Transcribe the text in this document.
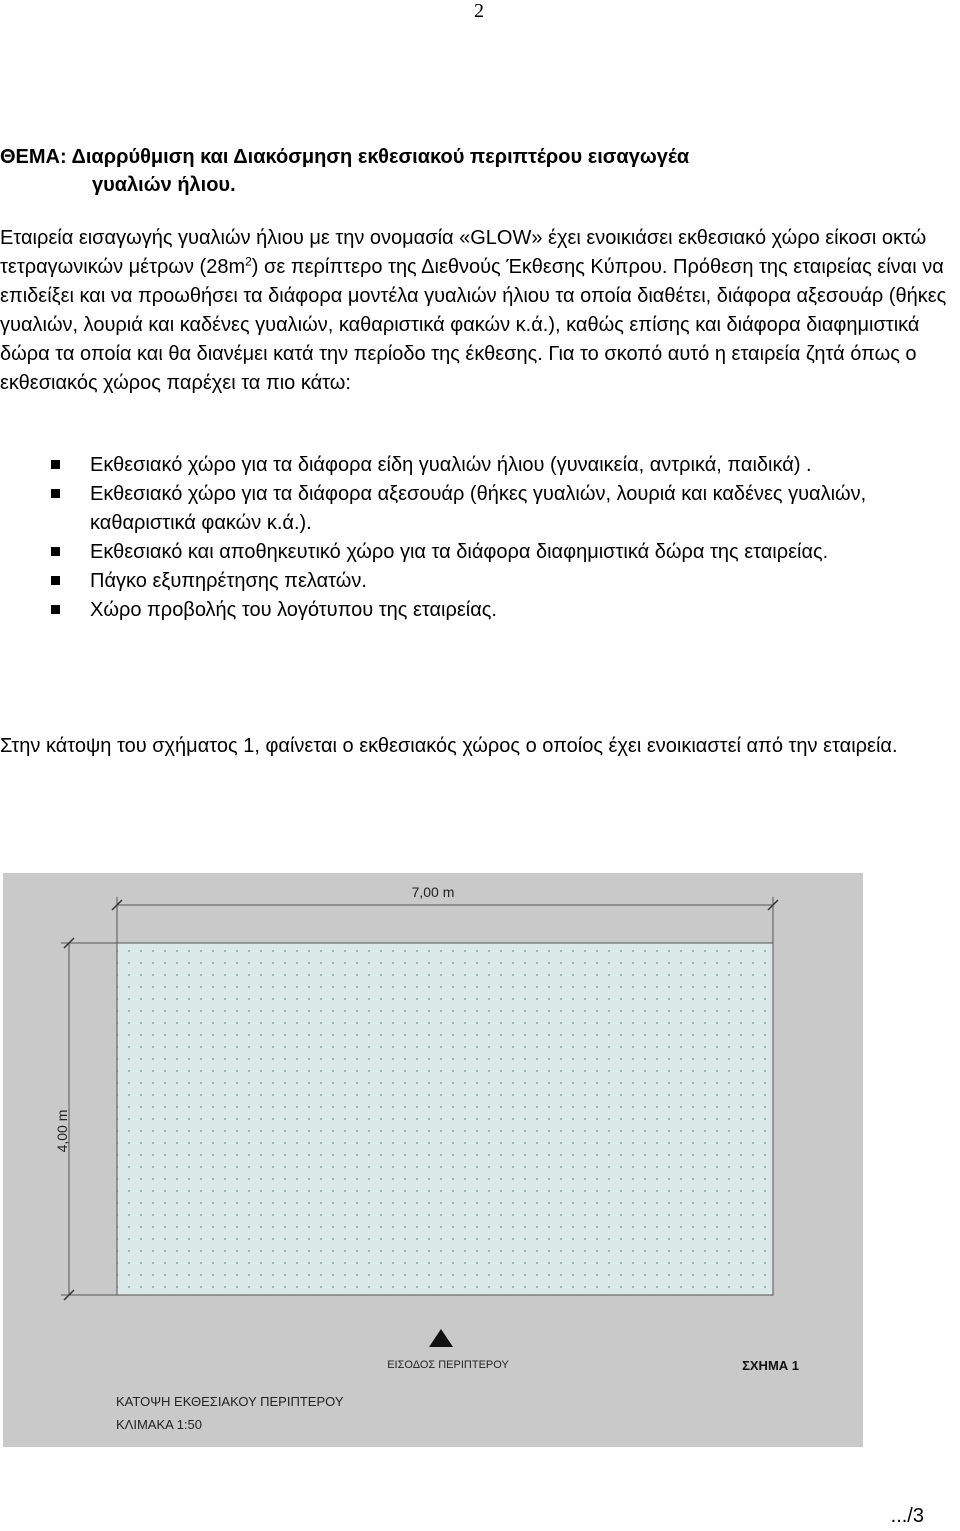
2
ΘΕΜΑ: Διαρρύθμιση και Διακόσμηση εκθεσιακού περιπτέρου εισαγωγέα
γυαλιών ήλιου.
Εταιρεία εισαγωγής γυαλιών ήλιου με την ονομασία «GLOW» έχει ενοικιάσει εκθεσιακό χώρο είκοσι οκτώ τετραγωνικών μέτρων $(28m^2)$ σε περίπτερο της Διεθνούς Έκθεσης Κύπρου. Πρόθεση της εταιρείας είναι να επιδείξει και να προωθήσει τα διάφορα μοντέλα γυαλιών ήλιου τα οποία διαθέτει, διάφορα αξεσουάρ (θήκες γυαλιών, λουριά και καδένες γυαλιών, καθαριστικά φακών κ.ά.), καθώς επίσης και διάφορα διαφημιστικά δώρα τα οποία και θα διανέμει κατά την περίοδο της έκθεσης. Για το σκοπό αυτό η εταιρεία ζητά όπως ο εκθεσιακός χώρος παρέχει τα πιο κάτω:
Εκθεσιακό χώρο για τα διάφορα είδη γυαλιών ήλιου (γυναικεία, αντρικά, παιδικά) .
Εκθεσιακό χώρο για τα διάφορα αξεσουάρ (θήκες γυαλιών, λουριά και καδένες γυαλιών, καθαριστικά φακών κ.ά.).
Εκθεσιακό και αποθηκευτικό χώρο για τα διάφορα διαφημιστικά δώρα της εταιρείας.
Πάγκο εξυπηρέτησης πελατών.
Χώρο προβολής του λογότυπου της εταιρείας.
Στην κάτοψη του σχήματος 1, φαίνεται ο εκθεσιακός χώρος ο οποίος έχει ενοικιαστεί από την εταιρεία.
7,00 m
4,00 m
ΕΙΣΟΔΟΣ ΠΕΡΙΠΤΕΡΟΥ	ΣΧΗΜΑ 1
ΚΑΤΟΨΗ ΕΚΘΕΣΙΑΚΟΥ ΠΕΡΙΠΤΕΡΟΥ
ΚΛΙΜΑΚΑ 1:50
.../3
